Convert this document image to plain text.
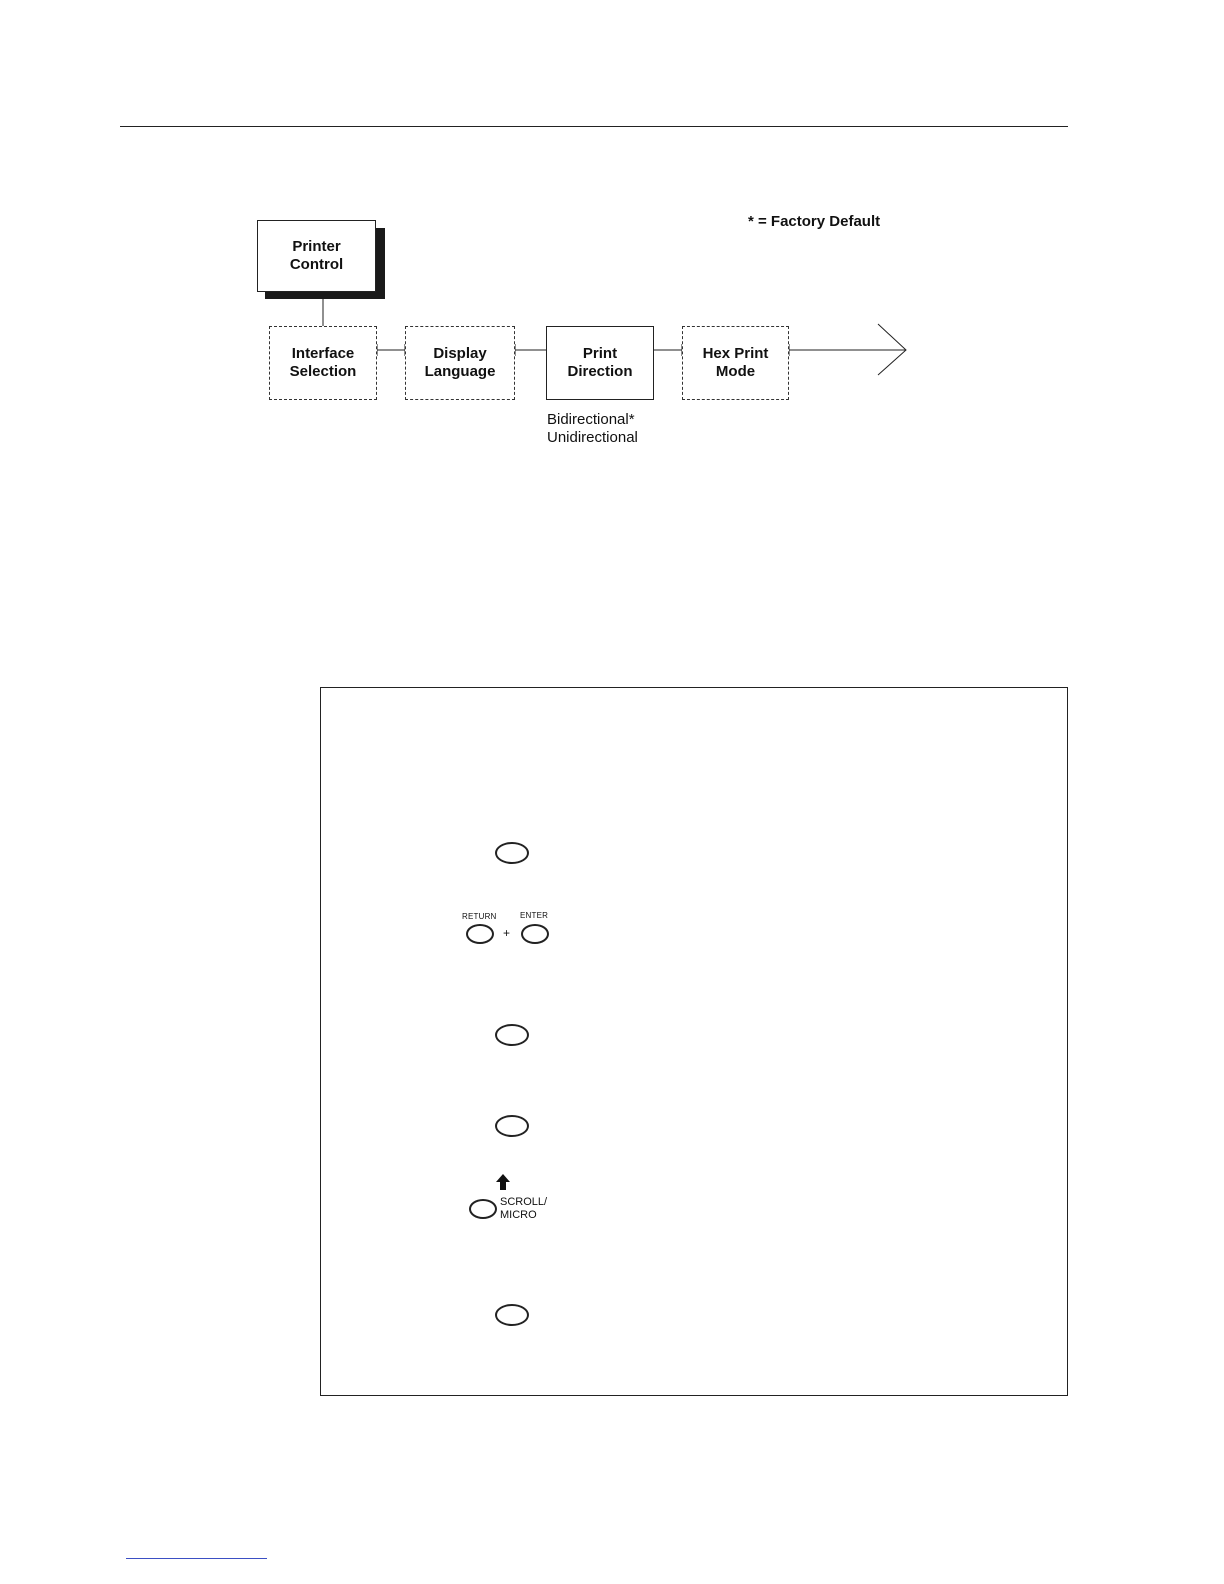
* = Factory Default
Printer
Control
Interface
Selection
Display
Language
Print
Direction
Hex Print
Mode
Bidirectional*
Unidirectional
RETURN	ENTER
+
SCROLL/
MICRO
